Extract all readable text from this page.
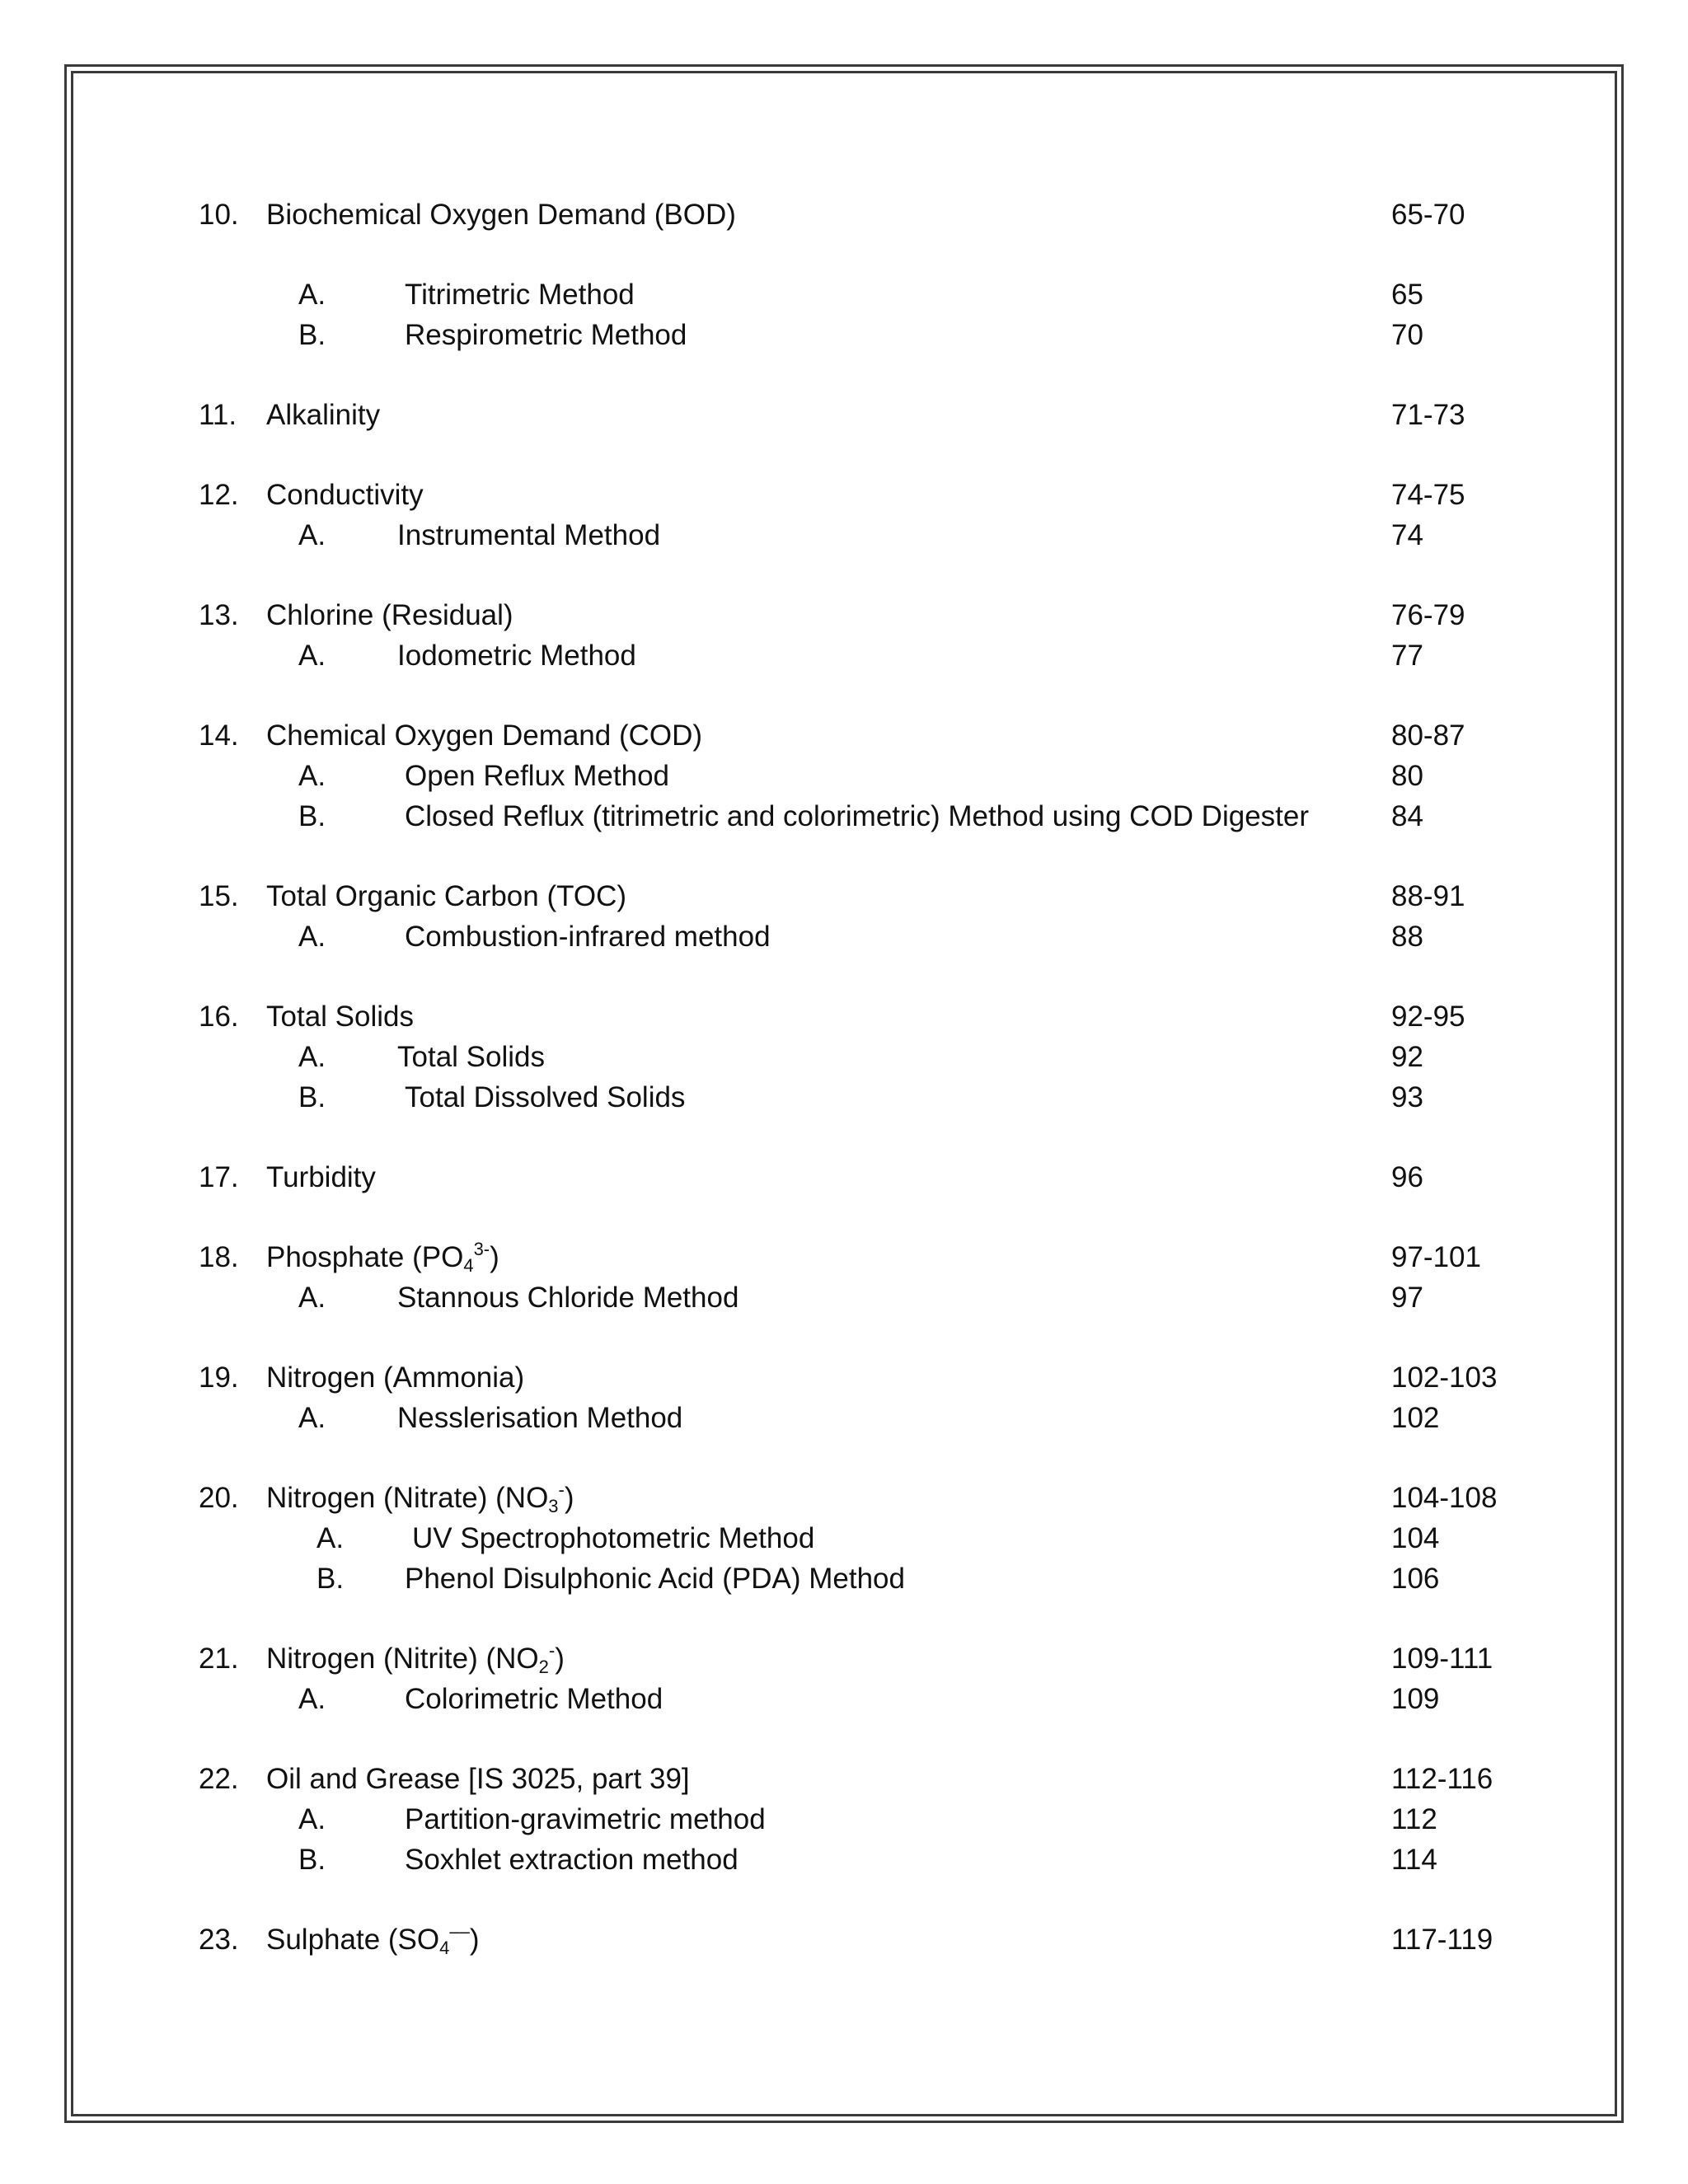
10. Biochemical Oxygen Demand (BOD)	65-70
A.	Titrimetric Method	65
B.	Respirometric Method	70
11. Alkalinity	71-73
12. Conductivity	74-75
A. Instrumental Method	74
13. Chlorine (Residual)	76-79
A. Iodometric Method	77
14. Chemical Oxygen Demand (COD)	80-87
A.	Open Reflux Method	80
B.	Closed Reflux (titrimetric and colorimetric) Method using COD Digester	84
15. Total Organic Carbon (TOC)	88-91
A.	Combustion-infrared method	88
16. Total Solids	92-95
A. Total Solids	92
B.	Total Dissolved Solids	93
17. Turbidity	96
18. Phosphate $(PO_4^{3-})$	97-101
A. Stannous Chloride Method	97
19. Nitrogen (Ammonia)	102-103
A. Nesslerisation Method	102
20. Nitrogen (Nitrate) $(NO_3^-)$	104-108
A. UV Spectrophotometric Method	104
B. Phenol Disulphonic Acid (PDA) Method	106
21. Nitrogen (Nitrite) $(NO_2^-)$	109-111
A.	Colorimetric Method	109
22. Oil and Grease [IS 3025, part 39]	112-116
A.	Partition-gravimetric method	112
B.	Soxhlet extraction method	114
23. Sulphate $(SO_4^{--})$	117-119
